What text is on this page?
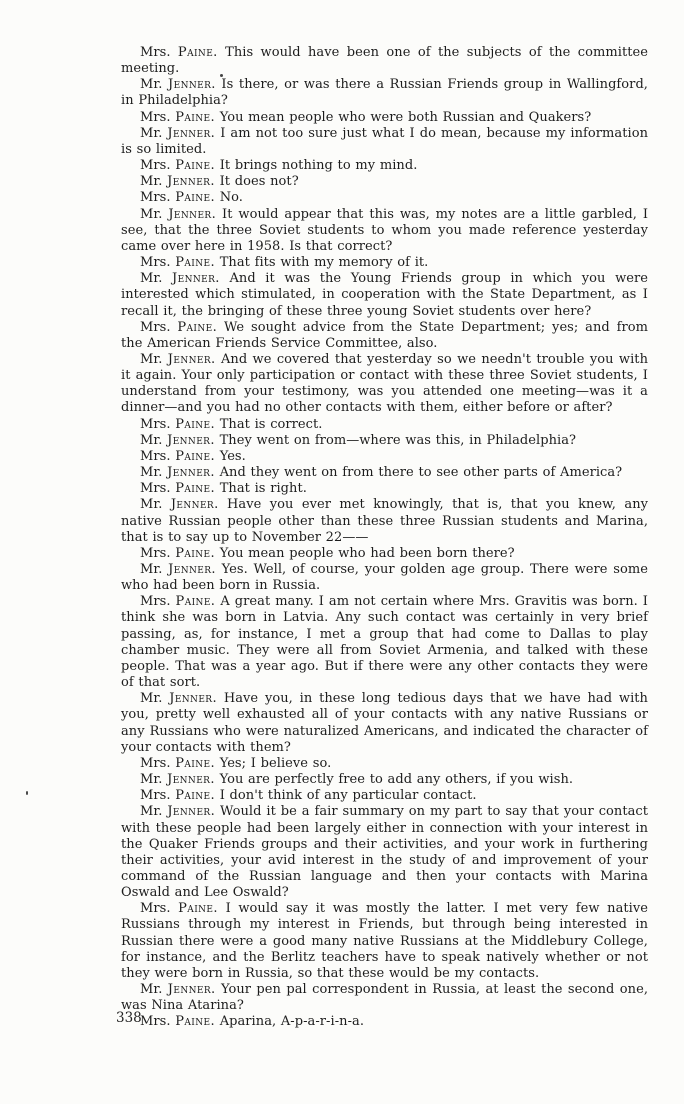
Mrs. Paine. This would have been one of the subjects of the committee meeting.

Mr. Jenner. Is there, or was there a Russian Friends group in Wallingford, in Philadelphia?

Mrs. Paine. You mean people who were both Russian and Quakers?

Mr. Jenner. I am not too sure just what I do mean, because my information is so limited.

Mrs. Paine. It brings nothing to my mind.

Mr. Jenner. It does not?

Mrs. Paine. No.

Mr. Jenner. It would appear that this was, my notes are a little garbled, I see, that the three Soviet students to whom you made reference yesterday came over here in 1958. Is that correct?

Mrs. Paine. That fits with my memory of it.

Mr. Jenner. And it was the Young Friends group in which you were interested which stimulated, in cooperation with the State Department, as I recall it, the bringing of these three young Soviet students over here?

Mrs. Paine. We sought advice from the State Department; yes; and from the American Friends Service Committee, also.

Mr. Jenner. And we covered that yesterday so we needn't trouble you with it again. Your only participation or contact with these three Soviet students, I understand from your testimony, was you attended one meeting—was it a dinner—and you had no other contacts with them, either before or after?

Mrs. Paine. That is correct.

Mr. Jenner. They went on from—where was this, in Philadelphia?

Mrs. Paine. Yes.

Mr. Jenner. And they went on from there to see other parts of America?

Mrs. Paine. That is right.

Mr. Jenner. Have you ever met knowingly, that is, that you knew, any native Russian people other than these three Russian students and Marina, that is to say up to November 22——

Mrs. Paine. You mean people who had been born there?

Mr. Jenner. Yes. Well, of course, your golden age group. There were some who had been born in Russia.

Mrs. Paine. A great many. I am not certain where Mrs. Gravitis was born. I think she was born in Latvia. Any such contact was certainly in very brief passing, as, for instance, I met a group that had come to Dallas to play chamber music. They were all from Soviet Armenia, and talked with these people. That was a year ago. But if there were any other contacts they were of that sort.

Mr. Jenner. Have you, in these long tedious days that we have had with you, pretty well exhausted all of your contacts with any native Russians or any Russians who were naturalized Americans, and indicated the character of your contacts with them?

Mrs. Paine. Yes; I believe so.

Mr. Jenner. You are perfectly free to add any others, if you wish.

Mrs. Paine. I don't think of any particular contact.

Mr. Jenner. Would it be a fair summary on my part to say that your contact with these people had been largely either in connection with your interest in the Quaker Friends groups and their activities, and your work in furthering their activities, your avid interest in the study of and improvement of your command of the Russian language and then your contacts with Marina Oswald and Lee Oswald?

Mrs. Paine. I would say it was mostly the latter. I met very few native Russians through my interest in Friends, but through being interested in Russian there were a good many native Russians at the Middlebury College, for instance, and the Berlitz teachers have to speak natively whether or not they were born in Russia, so that these would be my contacts.

Mr. Jenner. Your pen pal correspondent in Russia, at least the second one, was Nina Atarina?

Mrs. Paine. Aparina, A-p-a-r-i-n-a.

338
